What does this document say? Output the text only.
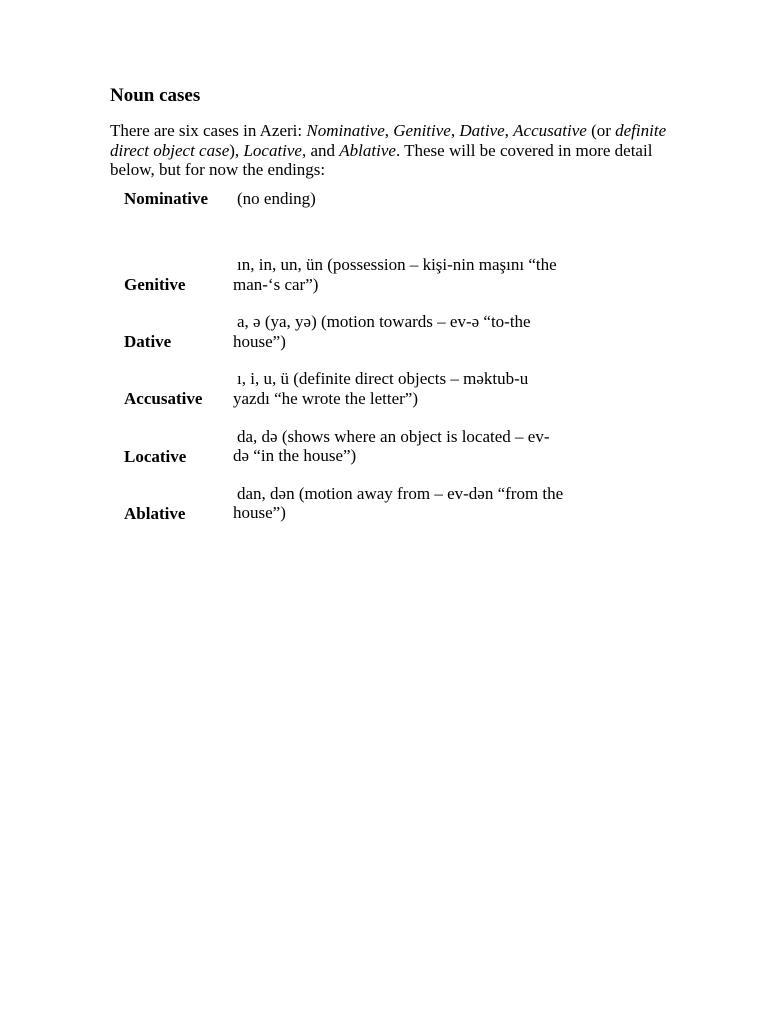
Noun cases

There are six cases in Azeri: Nominative, Genitive, Dative, Accusative (or definite
direct object case), Locative, and Ablative. These will be covered in more detail
below, but for now the endings:

Nominative (no ending)
Genitive
ın, in, un, ün (possession – kişi-nin maşını “the
man-‘s car”)
Dative
a, ə (ya, yə) (motion towards – ev-ə “to-the
house”)
Accusative
ı, i, u, ü (definite direct objects – məktub-u
yazdı “he wrote the letter”)
Locative
da, də (shows where an object is located – ev-
də “in the house”)
Ablative
dan, dən (motion away from – ev-dən “from the
house”)
